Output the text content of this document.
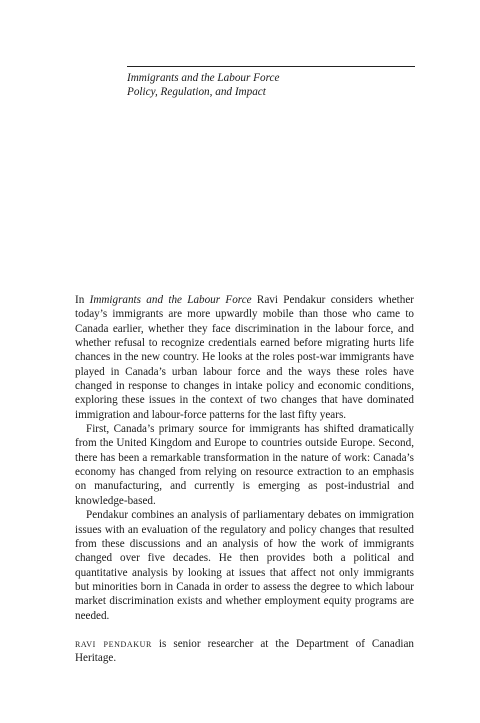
Immigrants and the Labour Force
Policy, Regulation, and Impact

In Immigrants and the Labour Force Ravi Pendakur considers whether today’s immigrants are more upwardly mobile than those who came to Canada earlier, whether they face discrimination in the labour force, and whether refusal to recognize credentials earned before migrating hurts life chances in the new country. He looks at the roles post-war immigrants have played in Canada’s urban labour force and the ways these roles have changed in response to changes in intake policy and economic conditions, exploring these issues in the context of two changes that have dominated immigration and labour-force patterns for the last fifty years.

First, Canada’s primary source for immigrants has shifted dramatically from the United Kingdom and Europe to countries outside Europe. Second, there has been a remarkable transformation in the nature of work: Canada’s economy has changed from relying on resource extraction to an emphasis on manufacturing, and currently is emerging as post-industrial and knowledge-based.

Pendakur combines an analysis of parliamentary debates on immigration issues with an evaluation of the regulatory and policy changes that resulted from these discussions and an analysis of how the work of immigrants changed over five decades. He then provides both a political and quantitative analysis by looking at issues that affect not only immigrants but minorities born in Canada in order to assess the degree to which labour market discrimination exists and whether employment equity programs are needed.

ravi pendakur is senior researcher at the Department of Canadian Heritage.
